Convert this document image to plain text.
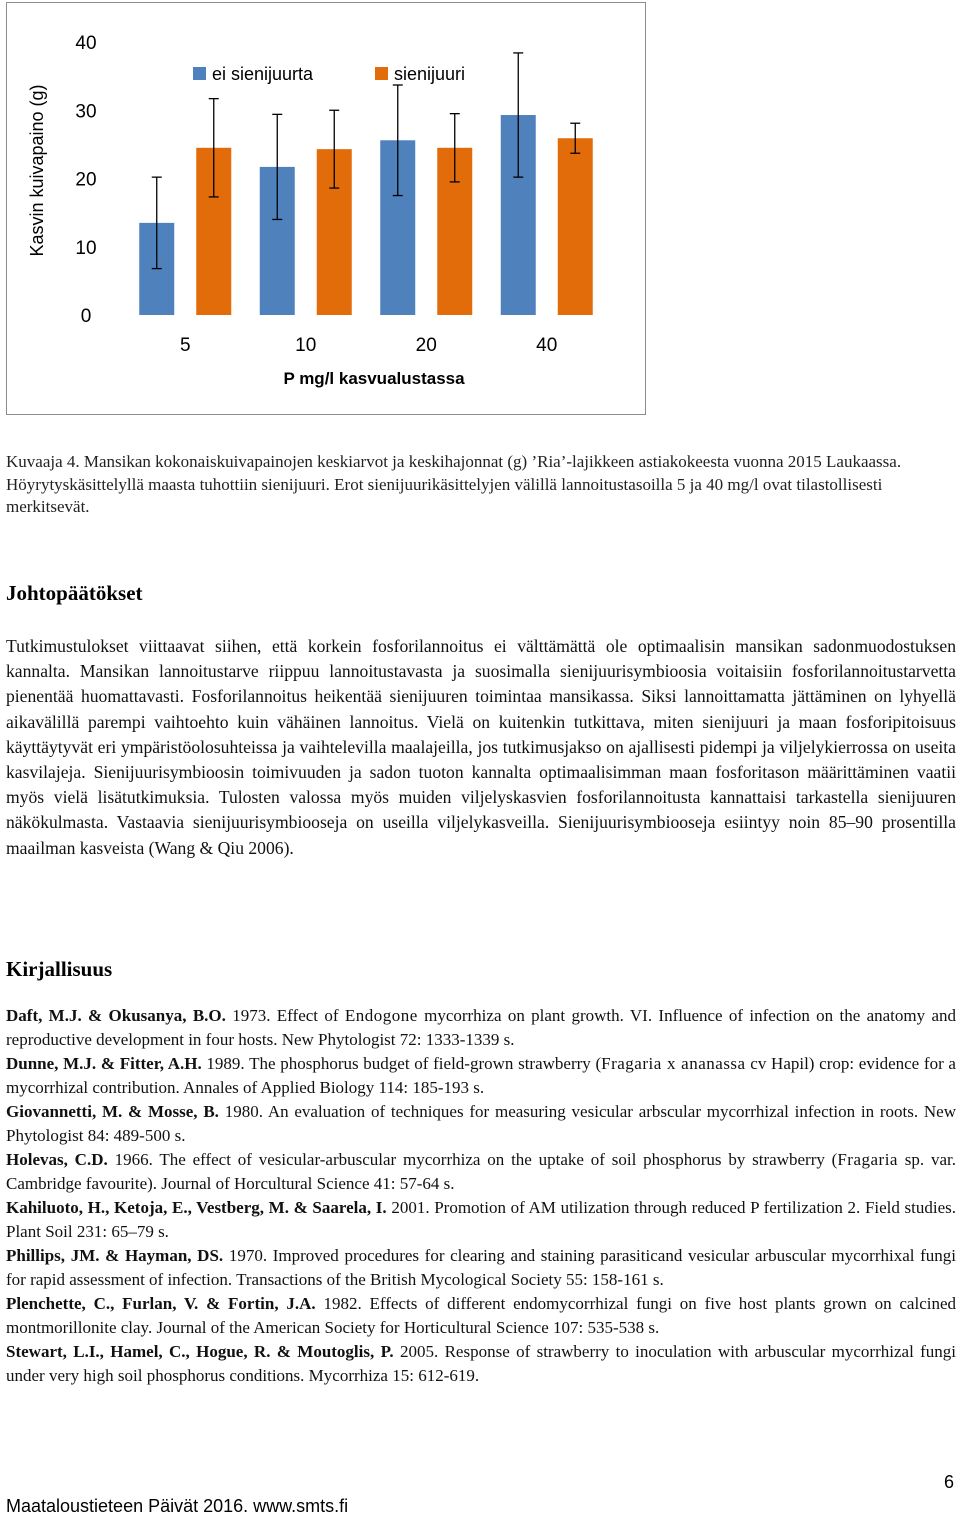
0
10
20
30
40
Kasvin kuivapaino (g)
5	10	20	40
P mg/l kasvualustassa
ei sienijuurta	sienijuuri
Kuvaaja 4. Mansikan kokonaiskuivapainojen keskiarvot ja keskihajonnat (g) ’Ria’-lajikkeen astiakokeesta vuonna 2015 Laukaassa. Höyrytyskäsittelyllä maasta tuhottiin sienijuuri. Erot sienijuurikäsittelyjen välillä lannoitustasoilla 5 ja 40 mg/l ovat tilastollisesti merkitsevät.
Johtopäätökset

Tutkimustulokset viittaavat siihen, että korkein fosforilannoitus ei välttämättä ole optimaalisin mansikan sadonmuodostuksen kannalta. Mansikan lannoitustarve riippuu lannoitustavasta ja suosimalla sienijuurisymbioosia voitaisiin fosforilannoitustarvetta pienentää huomattavasti. Fosforilannoitus heikentää sienijuuren toimintaa mansikassa. Siksi lannoittamatta jättäminen on lyhyellä aikavälillä parempi vaihtoehto kuin vähäinen lannoitus. Vielä on kuitenkin tutkittava, miten sienijuuri ja maan fosforipitoisuus käyttäytyvät eri ympäristöolosuhteissa ja vaihtelevilla maalajeilla, jos tutkimusjakso on ajallisesti pidempi ja viljelykierrossa on useita kasvilajeja. Sienijuurisymbioosin toimivuuden ja sadon tuoton kannalta optimaalisimman maan fosforitason määrittäminen vaatii myös vielä lisätutkimuksia. Tulosten valossa myös muiden viljelyskasvien fosforilannoitusta kannattaisi tarkastella sienijuuren näkökulmasta. Vastaavia sienijuurisymbiooseja on useilla viljelykasveilla. Sienijuurisymbiooseja esiintyy noin 85–90 prosentilla maailman kasveista (Wang & Qiu 2006).

Kirjallisuus

Daft, M.J. & Okusanya, B.O. 1973. Effect of Endogone mycorrhiza on plant growth. VI. Influence of infection on the anatomy and reproductive development in four hosts. New Phytologist 72: 1333-1339 s.

Dunne, M.J. & Fitter, A.H. 1989. The phosphorus budget of field-grown strawberry (Fragaria x ananassa cv Hapil) crop: evidence for a mycorrhizal contribution. Annales of Applied Biology 114: 185-193 s.

Giovannetti, M. & Mosse, B. 1980. An evaluation of techniques for measuring vesicular arbscular mycorrhizal infection in roots. New Phytologist 84: 489-500 s.

Holevas, C.D. 1966. The effect of vesicular-arbuscular mycorrhiza on the uptake of soil phosphorus by strawberry (Fragaria sp. var. Cambridge favourite). Journal of Horcultural Science 41: 57-64 s.

Kahiluoto, H., Ketoja, E., Vestberg, M. & Saarela, I. 2001. Promotion of AM utilization through reduced P fertilization 2. Field studies. Plant Soil 231: 65–79 s.

Phillips, JM. & Hayman, DS. 1970. Improved procedures for clearing and staining parasiticand vesicular arbuscular mycorrhixal fungi for rapid assessment of infection. Transactions of the British Mycological Society 55: 158-161 s.

Plenchette, C., Furlan, V. & Fortin, J.A. 1982. Effects of different endomycorrhizal fungi on five host plants grown on calcined montmorillonite clay. Journal of the American Society for Horticultural Science 107: 535-538 s.

Stewart, L.I., Hamel, C., Hogue, R. & Moutoglis, P. 2005. Response of strawberry to inoculation with arbuscular mycorrhizal fungi under very high soil phosphorus conditions. Mycorrhiza 15: 612-619.

6
Maataloustieteen Päivät 2016. www.smts.fi
